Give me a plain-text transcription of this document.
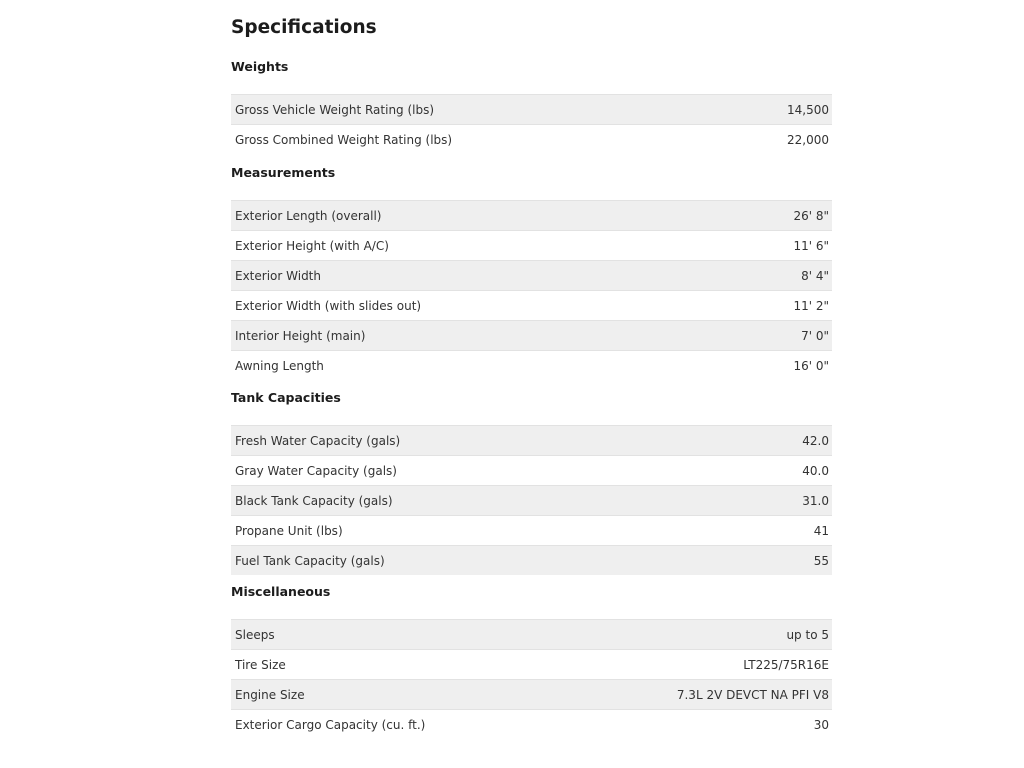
Specifications
Weights
Gross Vehicle Weight Rating (lbs)	14,500
Gross Combined Weight Rating (lbs)	22,000
Measurements
Exterior Length (overall)	26' 8"
Exterior Height (with A/C)	11' 6"
Exterior Width	8' 4"
Exterior Width (with slides out)	11' 2"
Interior Height (main)	7' 0"
Awning Length	16' 0"
Tank Capacities
Fresh Water Capacity (gals)	42.0
Gray Water Capacity (gals)	40.0
Black Tank Capacity (gals)	31.0
Propane Unit (lbs)	41
Fuel Tank Capacity (gals)	55
Miscellaneous
Sleeps	up to 5
Tire Size	LT225/75R16E
Engine Size	7.3L 2V DEVCT NA PFI V8
Exterior Cargo Capacity (cu. ft.)	30
